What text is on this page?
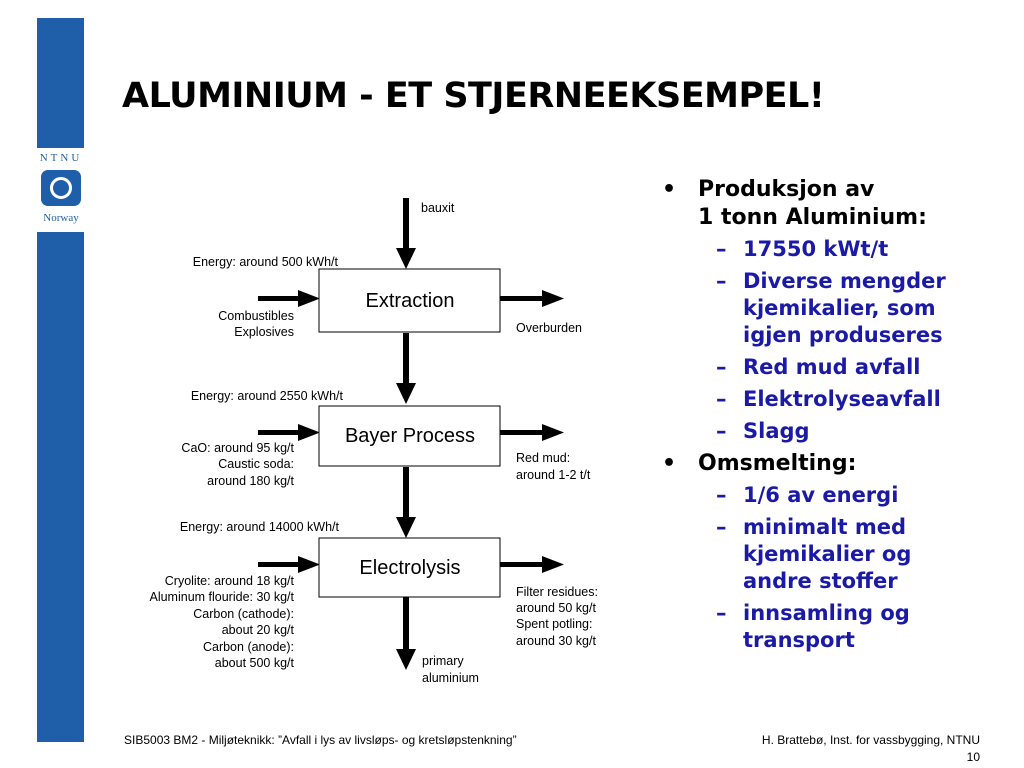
NTNU
Norway
ALUMINIUM - ET STJERNEEKSEMPEL!
Extraction
Bayer Process
Electrolysis
bauxit
primary
aluminium
Energy: around 500 kWh/t
Combustibles
Explosives	Overburden
Energy: around 2550 kWh/t
CaO: around 95 kg/t
Caustic soda:
around 180 kg/t
Red mud:
around 1-2 t/t
Energy: around 14000 kWh/t
Cryolite: around 18 kg/t
Aluminum flouride: 30 kg/t
Carbon (cathode):
about 20 kg/t
Carbon (anode):
about 500 kg/t
Filter residues:
around 50 kg/t
Spent potling:
around 30 kg/t
• Produksjon av
1 tonn Aluminium:
– 17550 kWt/t
– Diverse mengder
kjemikalier, som
igjen produseres
– Red mud avfall
– Elektrolyseavfall
– Slagg
• Omsmelting:
– 1/6 av energi
– minimalt med
kjemikalier og
andre stoffer
– innsamling og
transport
SIB5003 BM2 - Miljøteknikk: ”Avfall i lys av livsløps- og kretsløpstenkning”	H. Brattebø, Inst. for vassbygging, NTNU
10
